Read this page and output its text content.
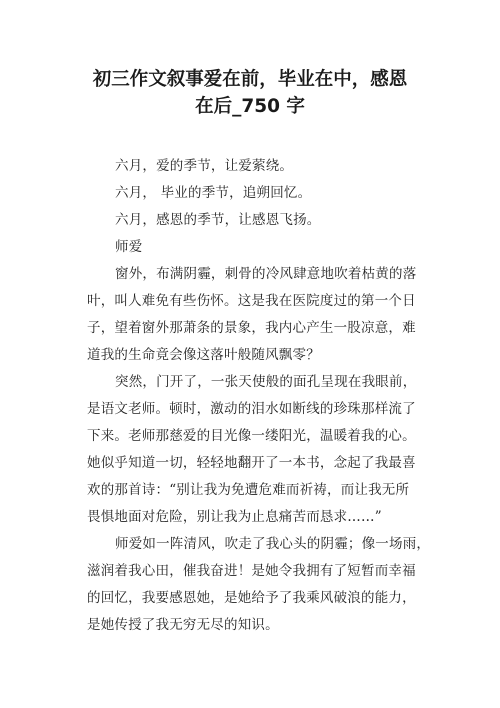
初三作文叙事爱在前，毕业在中，感恩
在后_750 字

六月，爱的季节，让爱萦绕。

六月， 毕业的季节，追朔回忆。

六月，感恩的季节，让感恩飞扬。

师爱

窗外，布满阴霾，刺骨的冷风肆意地吹着枯黄的落

叶，叫人难免有些伤怀。这是我在医院度过的第一个日

子，望着窗外那萧条的景象，我内心产生一股凉意，难

道我的生命竟会像这落叶般随风飘零？

突然，门开了，一张天使般的面孔呈现在我眼前，

是语文老师。顿时，激动的泪水如断线的珍珠那样流了

下来。老师那慈爱的目光像一缕阳光，温暖着我的心。

她似乎知道一切，轻轻地翻开了一本书，念起了我最喜

欢的那首诗：“别让我为免遭危难而祈祷，而让我无所

畏惧地面对危险，别让我为止息痛苦而恳求……”

师爱如一阵清风，吹走了我心头的阴霾；像一场雨，

滋润着我心田，催我奋进！是她令我拥有了短暂而幸福

的回忆，我要感恩她，是她给予了我乘风破浪的能力，

是她传授了我无穷无尽的知识。
